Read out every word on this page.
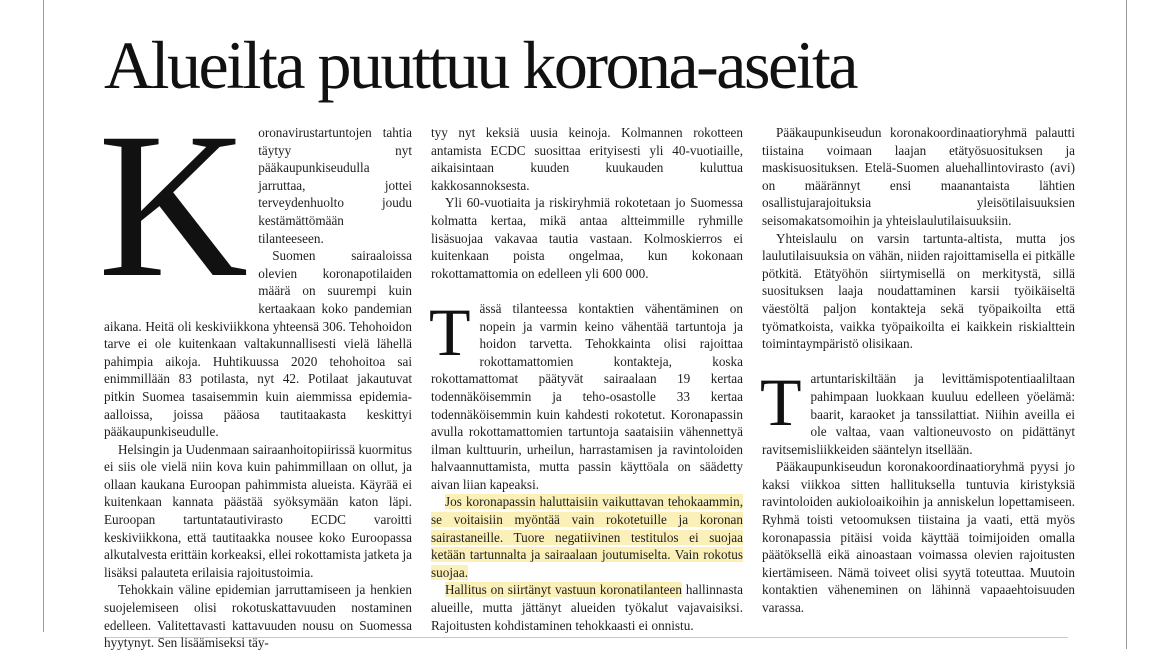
Alueilta puuttuu korona-aseita
K oronavirustartuntojen tahtia täytyy nyt pääkaupunkiseudulla jarruttaa, jottei terveydenhuolto joudu kestämättömään tilanteeseen.

Suomen sairaaloissa olevien koronapotilaiden määrä on suurempi kuin kertaakaan koko pandemian aikana. Heitä oli keskiviikkona yhteensä 306. Tehohoidon tarve ei ole kuitenkaan valtakunnallisesti vielä lähellä pahimpia aikoja. Huhtikuussa 2020 tehohoitoa sai enimmillään 83 potilasta, nyt 42. Potilaat jakautuvat pitkin Suomea tasaisemmin kuin aiemmissa epidemia-aalloissa, joissa pääosa tautitaakasta keskittyi pääkaupunkiseudulle.

Helsingin ja Uudenmaan sairaanhoitopiirissä kuormitus ei siis ole vielä niin kova kuin pahimmillaan on ollut, ja ollaan kaukana Euroopan pahimmista alueista. Käyrää ei kuitenkaan kannata päästää syöksymään katon läpi. Euroopan tartuntatautivirasto ECDC varoitti keskiviikkona, että tautitaakka nousee koko Euroopassa alkutalvesta erittäin korkeaksi, ellei rokottamista jatketa ja lisäksi palauteta erilaisia rajoitustoimia.

Tehokkain väline epidemian jarruttamiseen ja henkien suojelemiseen olisi rokotuskattavuuden nostaminen edelleen. Valitettavasti kattavuuden nousu on Suomessa hyytynyt. Sen lisäämiseksi täy-

tyy nyt keksiä uusia keinoja. Kolmannen rokotteen antamista ECDC suosittaa erityisesti yli 40-vuotiaille, aikaisintaan kuuden kuukauden kuluttua kakkosannoksesta.

Yli 60-vuotiaita ja riskiryhmiä rokotetaan jo Suomessa kolmatta kertaa, mikä antaa altteimmille ryhmille lisäsuojaa vakavaa tautia vastaan. Kolmoskierros ei kuitenkaan poista ongelmaa, kun kokonaan rokottamattomia on edelleen yli 600 000.

Tässä tilanteessa kontaktien vähentäminen on nopein ja varmin keino vähentää tartuntoja ja hoidon tarvetta. Tehokkainta olisi rajoittaa rokottamattomien kontakteja, koska rokottamattomat päätyvät sairaalaan 19 kertaa todennäköisemmin ja teho-osastolle 33 kertaa todennäköisemmin kuin kahdesti rokotetut. Koronapassin avulla rokottamattomien tartuntoja saataisiin vähennettyä ilman kulttuurin, urheilun, harrastamisen ja ravintoloiden halvaannuttamista, mutta passin käyttöala on säädetty aivan liian kapeaksi.

Jos koronapassin haluttaisiin vaikuttavan tehokaammin, se voitaisiin myöntää vain rokotetuille ja koronan sairastaneille. Tuore negatiivinen testitulos ei suojaa ketään tartunnalta ja sairaalaan joutumiselta. Vain rokotus suojaa.

Hallitus on siirtänyt vastuun koronatilanteen hallinnasta alueille, mutta jättänyt alueiden työkalut vajavaisiksi. Rajoitusten kohdistaminen tehokkaasti ei onnistu.

Pääkaupunkiseudun koronakoordinaatioryhmä palautti tiistaina voimaan laajan etätyösuosituksen ja maskisuosituksen. Etelä-Suomen aluehallintovirasto (avi) on määrännyt ensi maanantaista lähtien osallistujarajoituksia yleisötilaisuuksien seisomakatsomoihin ja yhteislaulutilaisuuksiin.

Yhteislaulu on varsin tartunta-altista, mutta jos laulutilaisuuksia on vähän, niiden rajoittamisella ei pitkälle pötkitä. Etätyöhön siirtymisellä on merkitystä, sillä suosituksen laaja noudattaminen karsii työikäiseltä väestöltä paljon kontakteja sekä työpaikoilta että työmatkoista, vaikka työpaikoilta ei kaikkein riskialttein toimintaympäristö olisikaan.

Tartuntariskiltään ja levittämispotentiaaliltaan pahimpaan luokkaan kuuluu edelleen yöelämä: baarit, karaoket ja tanssilattiat. Niihin aveilla ei ole valtaa, vaan valtioneuvosto on pidättänyt ravitsemisliikkeiden sääntelyn itsellään.

Pääkaupunkiseudun koronakoordinaatioryhmä pyysi jo kaksi viikkoa sitten hallituksella tuntuvia kiristyksiä ravintoloiden aukioloaikoihin ja anniskelun lopettamiseen. Ryhmä toisti vetoomuksen tiistaina ja vaati, että myös koronapassia pitäisi voida käyttää toimijoiden omalla päätöksellä eikä ainoastaan voimassa olevien rajoitusten kiertämiseen. Nämä toiveet olisi syytä toteuttaa. Muutoin kontaktien väheneminen on lähinnä vapaaehtoisuuden varassa.
